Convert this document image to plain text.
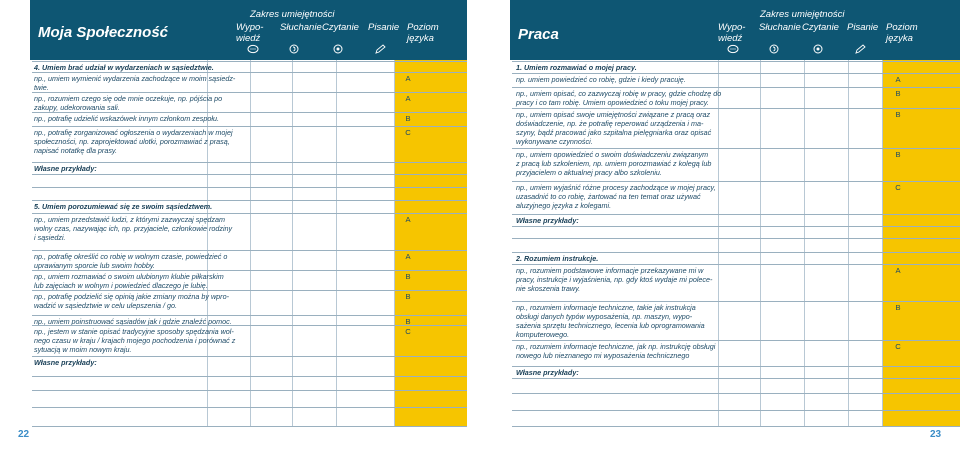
Moja Społeczność
Zakres umiejętności
Wypo-
wiedź
Słuchanie Czytanie Pisanie Poziom
języka
4. Umiem brać udział w wydarzeniach w sąsiedztwie.
np., umiem wymienić wydarzenia zachodzące w moim sąsiedz-
twie.
A
np., rozumiem czego się ode mnie oczekuje, np. pójścia po
zakupy, udekorowania sali.
A
np., potrafię udzielić wskazówek innym członkom zespołu.	B
np., potrafię zorganizować ogłoszenia o wydarzeniach w mojej
społeczności, np. zaprojektować ulotki, porozmawiać z prasą,
napisać notatkę dla prasy.
C
Własne przykłady:
5. Umiem porozumiewać się ze swoim sąsiedztwem.
np., umiem przedstawić ludzi, z którymi zazwyczaj spędzam
wolny czas, nazywając ich, np. przyjaciele, członkowie rodziny
i sąsiedzi.
A
np., potrafię określić co robię w wolnym czasie, powiedzieć o
uprawianym sporcie lub swoim hobby.
A
np., umiem rozmawiać o swoim ulubionym klubie piłkarskim
lub zajęciach w wolnym i powiedzieć dlaczego je lubię.
B
np., potrafię podzielić się opinią jakie zmiany można by wpro-
wadzić w sąsiedztwie w celu ulepszenia / go.
B
np., umiem poinstruować sąsiadów jak i gdzie znaleźć pomoc.	B
np., jestem w stanie opisać tradycyjne sposoby spędzania wol-
nego czasu w kraju / krajach mojego pochodzenia i porównać z
sytuacją w moim nowym kraju.
C
Własne przykłady:
22
Praca
Zakres umiejętności
Wypo-
wiedź
Słuchanie Czytanie Pisanie Poziom
języka
1. Umiem rozmawiać o mojej pracy.
np. umiem powiedzieć co robię, gdzie i kiedy pracuję.	A
np., umiem opisać, co zazwyczaj robię w pracy, gdzie chodzę do
pracy i co tam robię. Umiem opowiedzieć o toku mojej pracy.
B
np., umiem opisać swoje umiejętności związane z pracą oraz
doświadczenie, np. że potrafię reperować urządzenia i ma-
szyny, bądź pracować jako szpitalna pielęgniarka oraz opisać
wykonywane czynności.
B
np., umiem opowiedzieć o swoim doświadczeniu związanym
z pracą lub szkoleniem, np. umiem porozmawiać z kolegą lub
przyjacielem o aktualnej pracy albo szkoleniu.
B
np., umiem wyjaśnić różne procesy zachodzące w mojej pracy,
uzasadnić to co robię, żartować na ten temat oraz używać
aluzyjnego języka z kolegami.
C
Własne przykłady:
2. Rozumiem instrukcje.
np., rozumiem podstawowe informacje przekazywane mi w
pracy, instrukcje i wyjaśnienia, np. gdy ktoś wydaje mi polece-
nie skoszenia trawy.
A
np., rozumiem informacje techniczne, takie jak instrukcja
obsługi danych typów wyposażenia, np. maszyn, wypo-
sażenia sprzętu technicznego, lecenia lub oprogramowania
komputerowego.
B
np., rozumiem informacje techniczne, jak np. instrukcję obsługi
nowego lub nieznanego mi wyposażenia technicznego
C
Własne przykłady:
23
